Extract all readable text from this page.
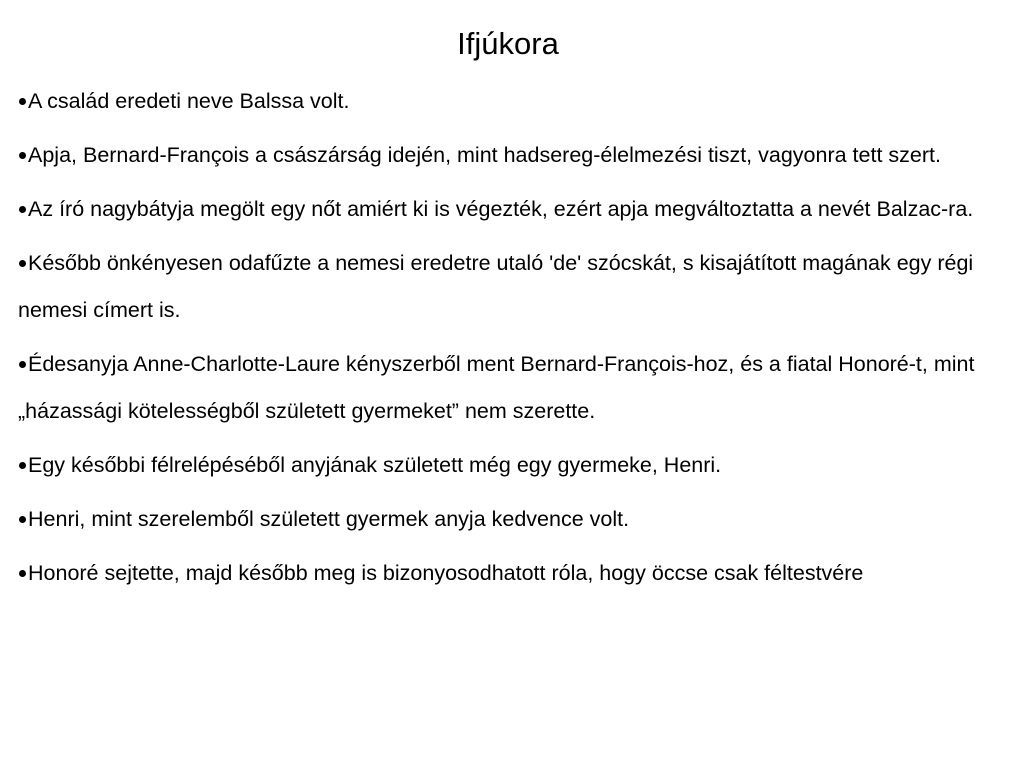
Ifjúkora
A család eredeti neve Balssa volt.
Apja, Bernard-François a császárság idején, mint hadsereg-élelmezési tiszt, vagyonra tett szert.
Az író nagybátyja megölt egy nőt amiért ki is végezték, ezért apja megváltoztatta a nevét Balzac-ra.
Később önkényesen odafűzte a nemesi eredetre utaló 'de' szócskát, s kisajátított magának egy régi nemesi címert is.
Édesanyja Anne-Charlotte-Laure kényszerből ment Bernard-François-hoz, és a fiatal Honoré-t, mint „házassági kötelességből született gyermeket” nem szerette.
Egy későbbi félrelépéséből anyjának született még egy gyermeke, Henri.
Henri, mint szerelemből született gyermek anyja kedvence volt.
Honoré sejtette, majd később meg is bizonyosodhatott róla, hogy öccse csak féltestvére
